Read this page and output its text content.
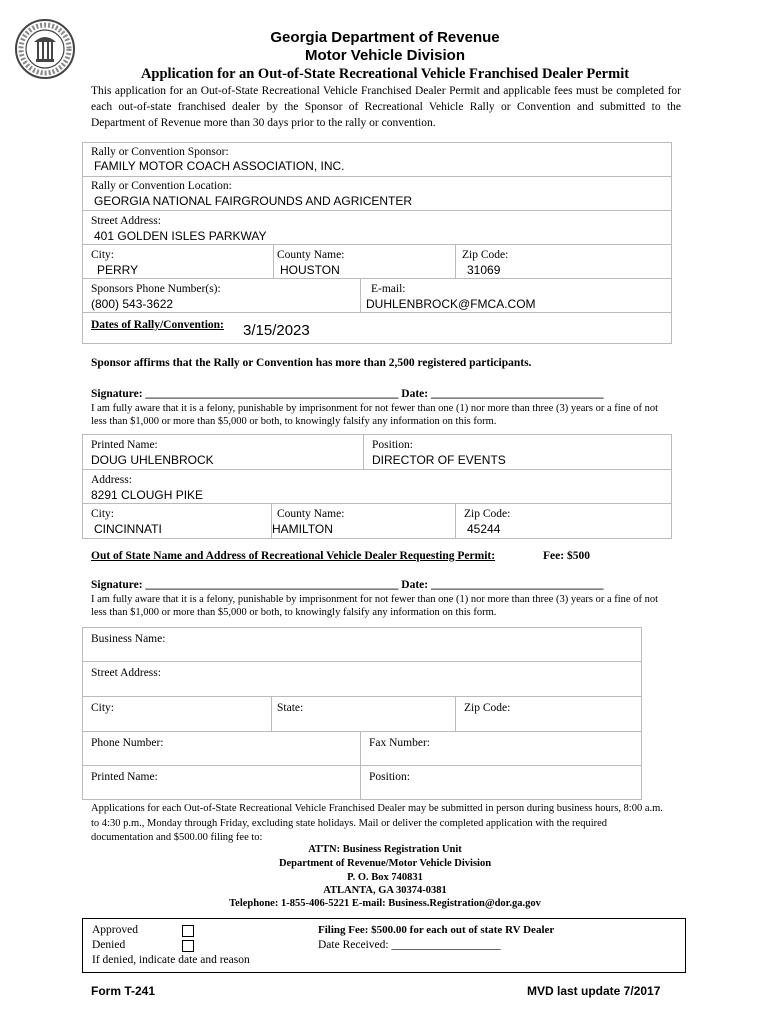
Georgia Department of Revenue
Motor Vehicle Division
Application for an Out-of-State Recreational Vehicle Franchised Dealer Permit
This application for an Out-of-State Recreational Vehicle Franchised Dealer Permit and applicable fees must be completed for each out-of-state franchised dealer by the Sponsor of Recreational Vehicle Rally or Convention and submitted to the Department of Revenue more than 30 days prior to the rally or convention.
Rally or Convention Sponsor:
FAMILY MOTOR COACH ASSOCIATION, INC.
Rally or Convention Location:
GEORGIA NATIONAL FAIRGROUNDS AND AGRICENTER
Street Address:
401 GOLDEN ISLES PARKWAY
City:
PERRY
County Name:
HOUSTON
Zip Code:
31069
Sponsors Phone Number(s):
(800) 543-3622
E-mail:
DUHLENBROCK@FMCA.COM
Dates of Rally/Convention: 3/15/2023
Sponsor affirms that the Rally or Convention has more than 2,500 registered participants.
Signature: ____________________________________________ Date: ______________________________
I am fully aware that it is a felony, punishable by imprisonment for not fewer than one (1) nor more than three (3) years or a fine of not less than $1,000 or more than $5,000 or both, to knowingly falsify any information on this form.
Printed Name:
DOUG UHLENBROCK
Position:
DIRECTOR OF EVENTS
Address:
8291 CLOUGH PIKE
City:
CINCINNATI
County Name:
HAMILTON
Zip Code:
45244
Out of State Name and Address of Recreational Vehicle Dealer Requesting Permit:	Fee: $500
Signature: ____________________________________________ Date: ______________________________
I am fully aware that it is a felony, punishable by imprisonment for not fewer than one (1) nor more than three (3) years or a fine of not less than $1,000 or more than $5,000 or both, to knowingly falsify any information on this form.
Business Name:
Street Address:
City:	State:	Zip Code:
Phone Number:	Fax Number:
Printed Name:	Position:
Applications for each Out-of-State Recreational Vehicle Franchised Dealer may be submitted in person during business hours, 8:00 a.m. to 4:30 p.m., Monday through Friday, excluding state holidays. Mail or deliver the completed application with the required documentation and $500.00 filing fee to:
ATTN: Business Registration Unit
Department of Revenue/Motor Vehicle Division
P. O. Box 740831
ATLANTA, GA 30374-0381
Telephone: 1-855-406-5221 E-mail: Business.Registration@dor.ga.gov
Approved
Denied
If denied, indicate date and reason
Filing Fee: $500.00 for each out of state RV Dealer
Date Received: ___________________
Form T-241	MVD last update 7/2017
